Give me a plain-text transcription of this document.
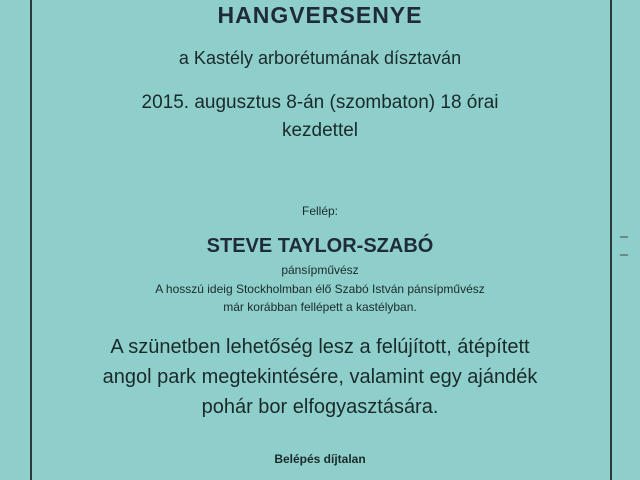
HANGVERSENYE
a Kastély arborétumának dísztaván
2015. augusztus 8-án (szombaton) 18 órai
kezdettel
Fellép:
STEVE TAYLOR-SZABÓ
pánsípművész
A hosszú ideig Stockholmban élő Szabó István pánsípművész
már korábban fellépett a kastélyban.
A szünetben lehetőség lesz a felújított, átépített
angol park megtekintésére, valamint egy ajándék
pohár bor elfogyasztására.
Belépés díjtalan
